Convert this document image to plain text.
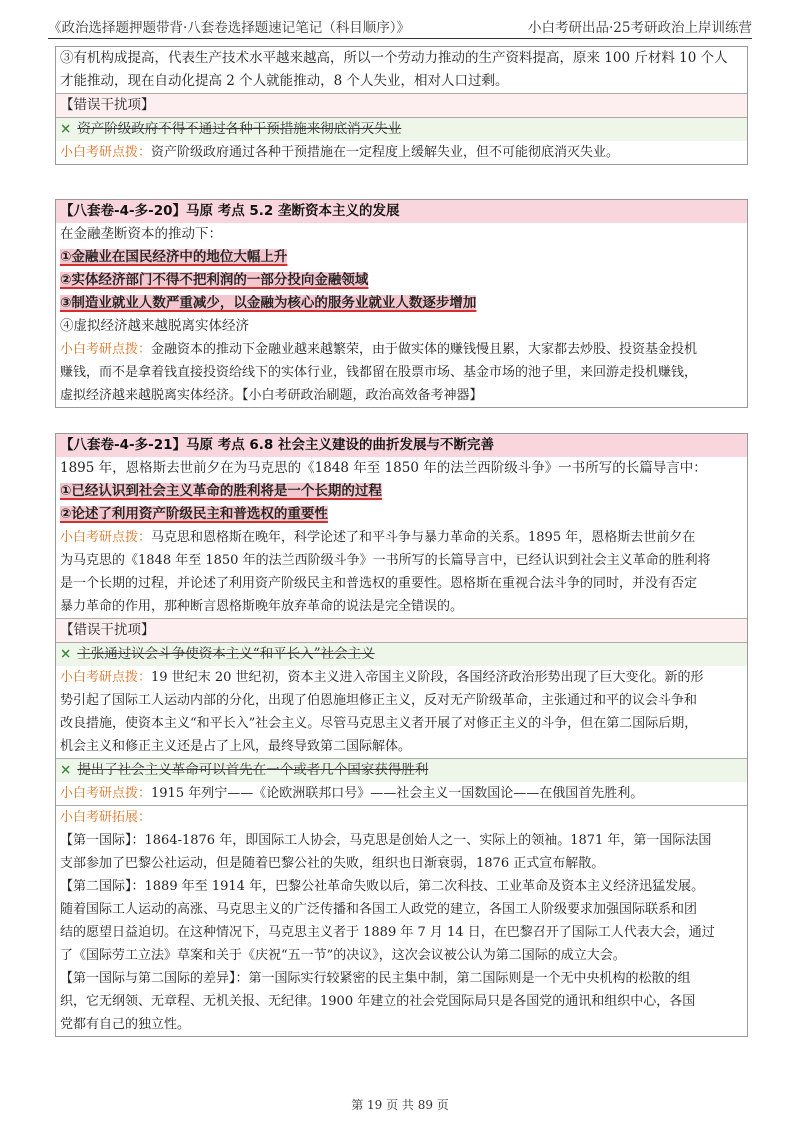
《政治选择题押题带背·八套卷选择题速记笔记（科目顺序）》	小白考研出品·25考研政治上岸训练营
③有机构成提高，代表生产技术水平越来越高，所以一个劳动力推动的生产资料提高，原来 100 斤材料 10 个人
才能推动，现在自动化提高 2 个人就能推动，8 个人失业，相对人口过剩。
【错误干扰项】
× 资产阶级政府不得不通过各种干预措施来彻底消灭失业
小白考研点拨：资产阶级政府通过各种干预措施在一定程度上缓解失业，但不可能彻底消灭失业。
【八套卷-4-多-20】马原 考点 5.2 垄断资本主义的发展
在金融垄断资本的推动下：
①金融业在国民经济中的地位大幅上升
②实体经济部门不得不把利润的一部分投向金融领域
③制造业就业人数严重减少，以金融为核心的服务业就业人数逐步增加
④虚拟经济越来越脱离实体经济
小白考研点拨：金融资本的推动下金融业越来越繁荣，由于做实体的赚钱慢且累，大家都去炒股、投资基金投机
赚钱，而不是拿着钱直接投资给线下的实体行业，钱都留在股票市场、基金市场的池子里，来回游走投机赚钱，
虚拟经济越来越脱离实体经济。【小白考研政治刷题，政治高效备考神器】
【八套卷-4-多-21】马原 考点 6.8 社会主义建设的曲折发展与不断完善
1895 年，恩格斯去世前夕在为马克思的《1848 年至 1850 年的法兰西阶级斗争》一书所写的长篇导言中：
①已经认识到社会主义革命的胜利将是一个长期的过程
②论述了利用资产阶级民主和普选权的重要性
小白考研点拨：马克思和恩格斯在晚年，科学论述了和平斗争与暴力革命的关系。1895 年，恩格斯去世前夕在
为马克思的《1848 年至 1850 年的法兰西阶级斗争》一书所写的长篇导言中，已经认识到社会主义革命的胜利将
是一个长期的过程，并论述了利用资产阶级民主和普选权的重要性。恩格斯在重视合法斗争的同时，并没有否定
暴力革命的作用，那种断言恩格斯晚年放弃革命的说法是完全错误的。
【错误干扰项】
× 主张通过议会斗争使资本主义“和平长入”社会主义
小白考研点拨：19 世纪末 20 世纪初，资本主义进入帝国主义阶段，各国经济政治形势出现了巨大变化。新的形
势引起了国际工人运动内部的分化，出现了伯恩施坦修正主义，反对无产阶级革命，主张通过和平的议会斗争和
改良措施，使资本主义“和平长入”社会主义。尽管马克思主义者开展了对修正主义的斗争，但在第二国际后期，
机会主义和修正主义还是占了上风，最终导致第二国际解体。
× 提出了社会主义革命可以首先在一个或者几个国家获得胜利
小白考研点拨：1915 年列宁——《论欧洲联邦口号》——社会主义一国数国论——在俄国首先胜利。
小白考研拓展：
【第一国际】：1864-1876 年，即国际工人协会，马克思是创始人之一、实际上的领袖。1871 年，第一国际法国
支部参加了巴黎公社运动，但是随着巴黎公社的失败，组织也日渐衰弱，1876 正式宣布解散。
【第二国际】：1889 年至 1914 年，巴黎公社革命失败以后，第二次科技、工业革命及资本主义经济迅猛发展。
随着国际工人运动的高涨、马克思主义的广泛传播和各国工人政党的建立，各国工人阶级要求加强国际联系和团
结的愿望日益迫切。在这种情况下，马克思主义者于 1889 年 7 月 14 日，在巴黎召开了国际工人代表大会，通过
了《国际劳工立法》草案和关于《庆祝“五一节”的决议》，这次会议被公认为第二国际的成立大会。
【第一国际与第二国际的差异】：第一国际实行较紧密的民主集中制，第二国际则是一个无中央机构的松散的组
织，它无纲领、无章程、无机关报、无纪律。1900 年建立的社会党国际局只是各国党的通讯和组织中心，各国
党都有自己的独立性。
第 19 页 共 89 页
